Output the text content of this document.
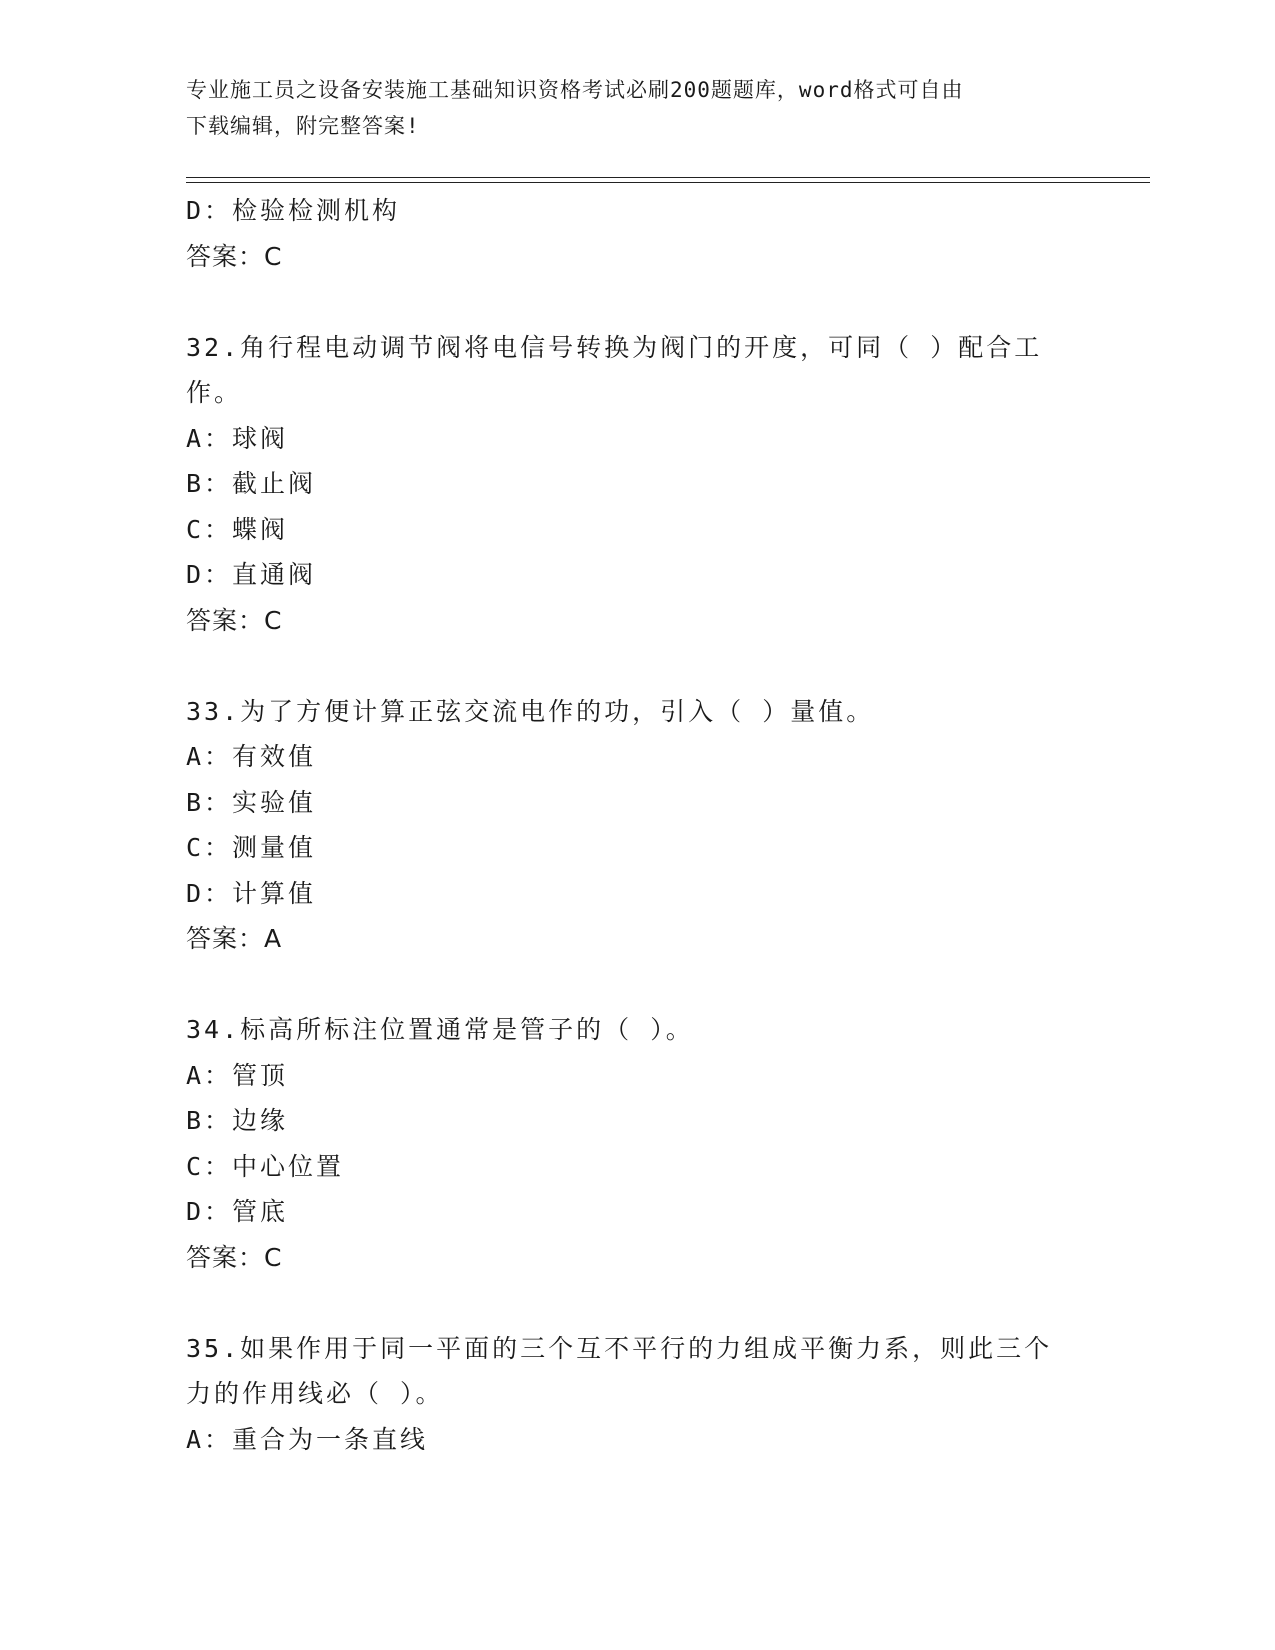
专业施工员之设备安装施工基础知识资格考试必刷200题题库，word格式可自由
下载编辑，附完整答案!
D：检验检测机构
答案：C
32.角行程电动调节阀将电信号转换为阀门的开度，可同（ ）配合工
作。
A：球阀
B：截止阀
C：蝶阀
D：直通阀
答案：C
33.为了方便计算正弦交流电作的功，引入（ ）量值。
A：有效值
B：实验值
C：测量值
D：计算值
答案：A
34.标高所标注位置通常是管子的（ ）。
A：管顶
B：边缘
C：中心位置
D：管底
答案：C
35.如果作用于同一平面的三个互不平行的力组成平衡力系，则此三个
力的作用线必（ ）。
A：重合为一条直线
